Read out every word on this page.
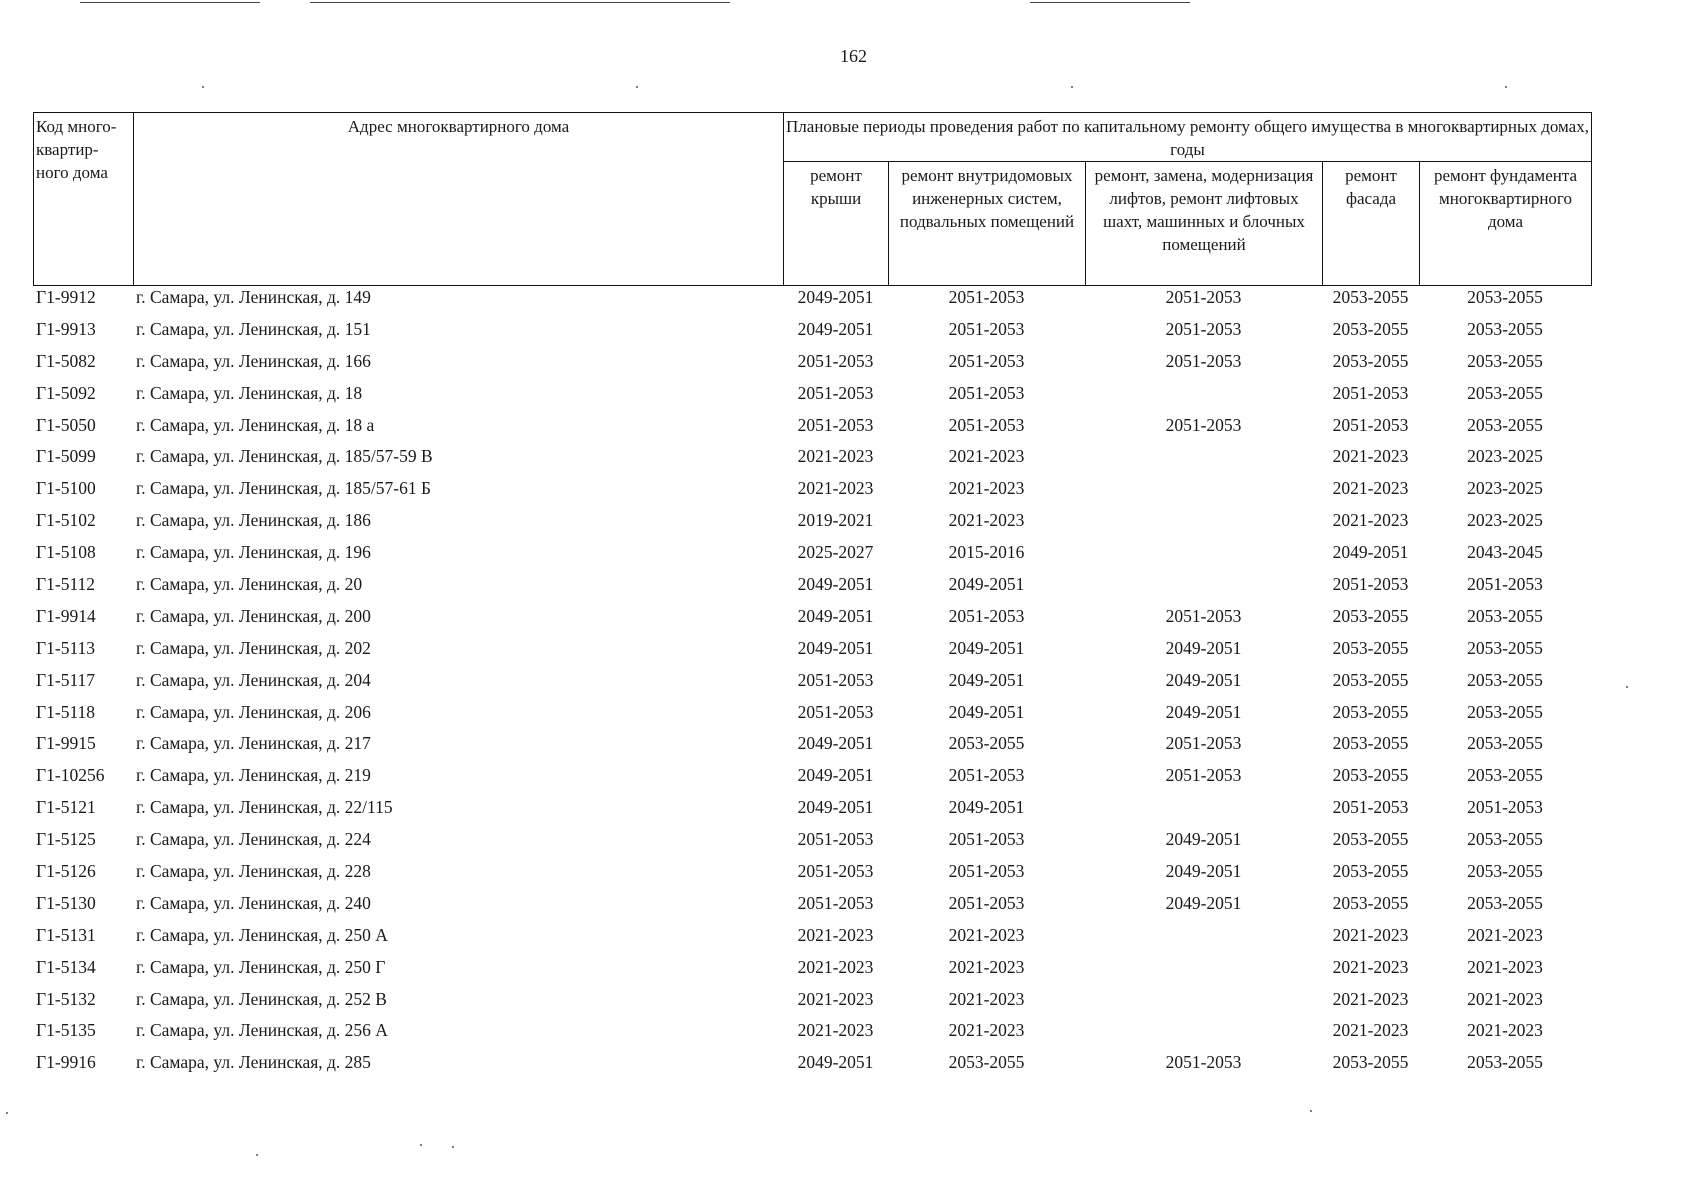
162
Код много-квартир-ного дома	Адрес многоквартирного дома	Плановые периоды проведения работ по капитальному ремонту общего имущества в многоквартирных домах, годы				
		ремонт крыши	ремонт внутридомовых инженерных систем, подвальных помещений	ремонт, замена, модернизация лифтов, ремонт лифтовых шахт, машинных и блочных помещений	ремонт фасада	ремонт фундамента многоквартирного дома
Г1-9912	г. Самара, ул. Ленинская, д. 149	2049-2051	2051-2053	2051-2053	2053-2055	2053-2055
Г1-9913	г. Самара, ул. Ленинская, д. 151	2049-2051	2051-2053	2051-2053	2053-2055	2053-2055
Г1-5082	г. Самара, ул. Ленинская, д. 166	2051-2053	2051-2053	2051-2053	2053-2055	2053-2055
Г1-5092	г. Самара, ул. Ленинская, д. 18	2051-2053	2051-2053		2051-2053	2053-2055
Г1-5050	г. Самара, ул. Ленинская, д. 18 а	2051-2053	2051-2053	2051-2053	2051-2053	2053-2055
Г1-5099	г. Самара, ул. Ленинская, д. 185/57-59 В	2021-2023	2021-2023		2021-2023	2023-2025
Г1-5100	г. Самара, ул. Ленинская, д. 185/57-61 Б	2021-2023	2021-2023		2021-2023	2023-2025
Г1-5102	г. Самара, ул. Ленинская, д. 186	2019-2021	2021-2023		2021-2023	2023-2025
Г1-5108	г. Самара, ул. Ленинская, д. 196	2025-2027	2015-2016		2049-2051	2043-2045
Г1-5112	г. Самара, ул. Ленинская, д. 20	2049-2051	2049-2051		2051-2053	2051-2053
Г1-9914	г. Самара, ул. Ленинская, д. 200	2049-2051	2051-2053	2051-2053	2053-2055	2053-2055
Г1-5113	г. Самара, ул. Ленинская, д. 202	2049-2051	2049-2051	2049-2051	2053-2055	2053-2055
Г1-5117	г. Самара, ул. Ленинская, д. 204	2051-2053	2049-2051	2049-2051	2053-2055	2053-2055
Г1-5118	г. Самара, ул. Ленинская, д. 206	2051-2053	2049-2051	2049-2051	2053-2055	2053-2055
Г1-9915	г. Самара, ул. Ленинская, д. 217	2049-2051	2053-2055	2051-2053	2053-2055	2053-2055
Г1-10256	г. Самара, ул. Ленинская, д. 219	2049-2051	2051-2053	2051-2053	2053-2055	2053-2055
Г1-5121	г. Самара, ул. Ленинская, д. 22/115	2049-2051	2049-2051		2051-2053	2051-2053
Г1-5125	г. Самара, ул. Ленинская, д. 224	2051-2053	2051-2053	2049-2051	2053-2055	2053-2055
Г1-5126	г. Самара, ул. Ленинская, д. 228	2051-2053	2051-2053	2049-2051	2053-2055	2053-2055
Г1-5130	г. Самара, ул. Ленинская, д. 240	2051-2053	2051-2053	2049-2051	2053-2055	2053-2055
Г1-5131	г. Самара, ул. Ленинская, д. 250 А	2021-2023	2021-2023		2021-2023	2021-2023
Г1-5134	г. Самара, ул. Ленинская, д. 250 Г	2021-2023	2021-2023		2021-2023	2021-2023
Г1-5132	г. Самара, ул. Ленинская, д. 252 В	2021-2023	2021-2023		2021-2023	2021-2023
Г1-5135	г. Самара, ул. Ленинская, д. 256 А	2021-2023	2021-2023		2021-2023	2021-2023
Г1-9916	г. Самара, ул. Ленинская, д. 285	2049-2051	2053-2055	2051-2053	2053-2055	2053-2055
